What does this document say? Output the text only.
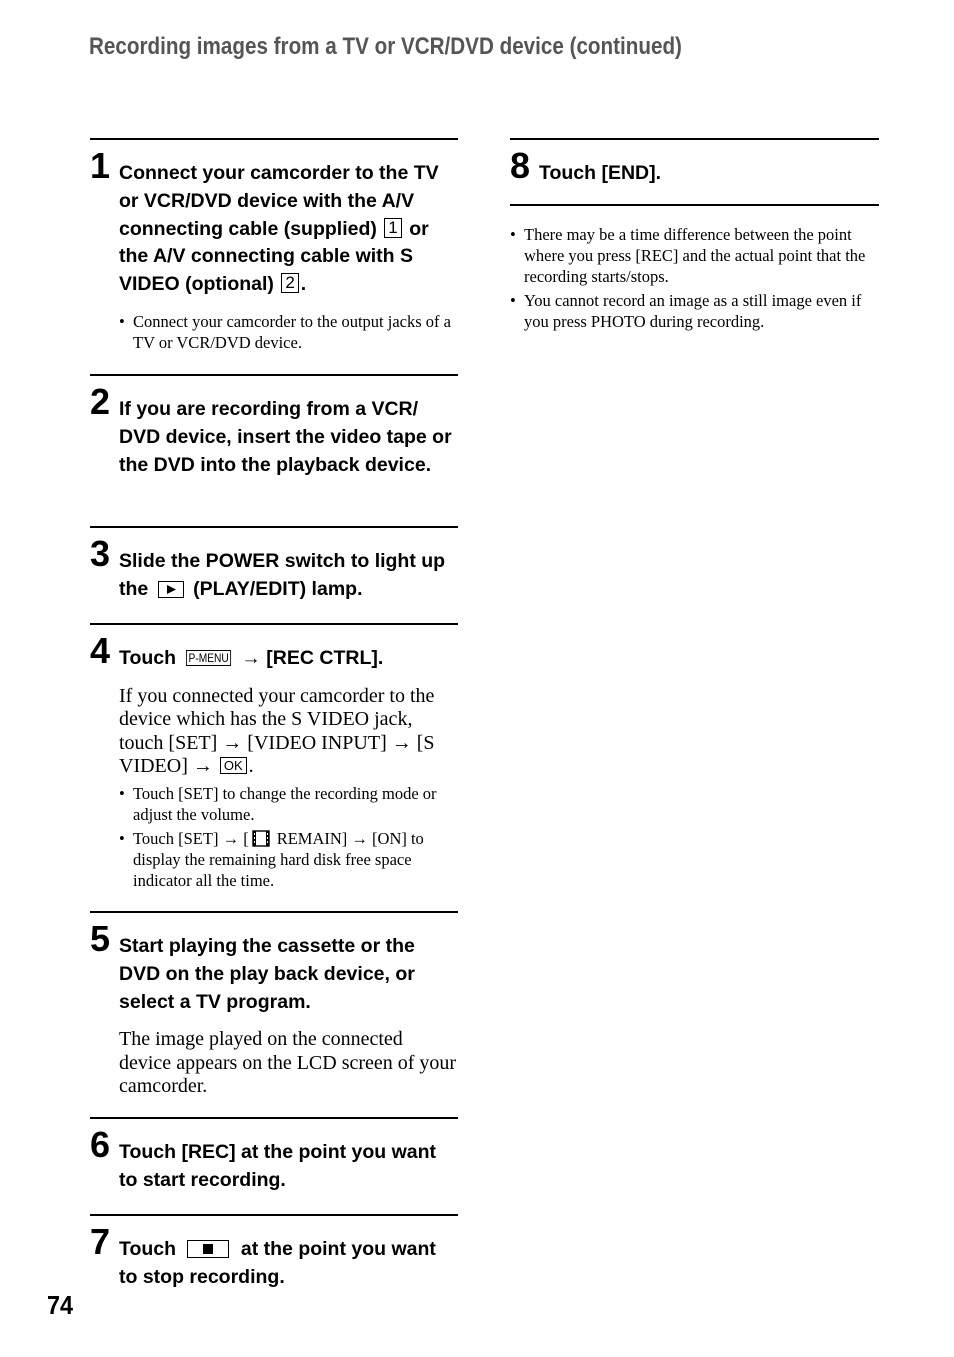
Recording images from a TV or VCR/DVD device (continued)
1 Connect your camcorder to the TV or VCR/DVD device with the A/V connecting cable (supplied) 1 or the A/V connecting cable with S VIDEO (optional) 2 .
• Connect your camcorder to the output jacks of a TV or VCR/DVD device.
2 If you are recording from a VCR/ DVD device, insert the video tape or the DVD into the playback device.
3 Slide the POWER switch to light up the (PLAY/EDIT) lamp.
4 Touch P-MENU → [REC CTRL].
If you connected your camcorder to the device which has the S VIDEO jack, touch [SET] → [VIDEO INPUT] → [S VIDEO] → OK .
• Touch [SET] to change the recording mode or adjust the volume.
• Touch [SET] → [ REMAIN] → [ON] to display the remaining hard disk free space indicator all the time.
5 Start playing the cassette or the DVD on the play back device, or select a TV program.
The image played on the connected device appears on the LCD screen of your camcorder.
6 Touch [REC] at the point you want to start recording.
7 Touch	at the point you want to stop recording.
8 Touch [END].
• There may be a time difference between the point where you press [REC] and the actual point that the recording starts/stops.
• You cannot record an image as a still image even if you press PHOTO during recording.
74
